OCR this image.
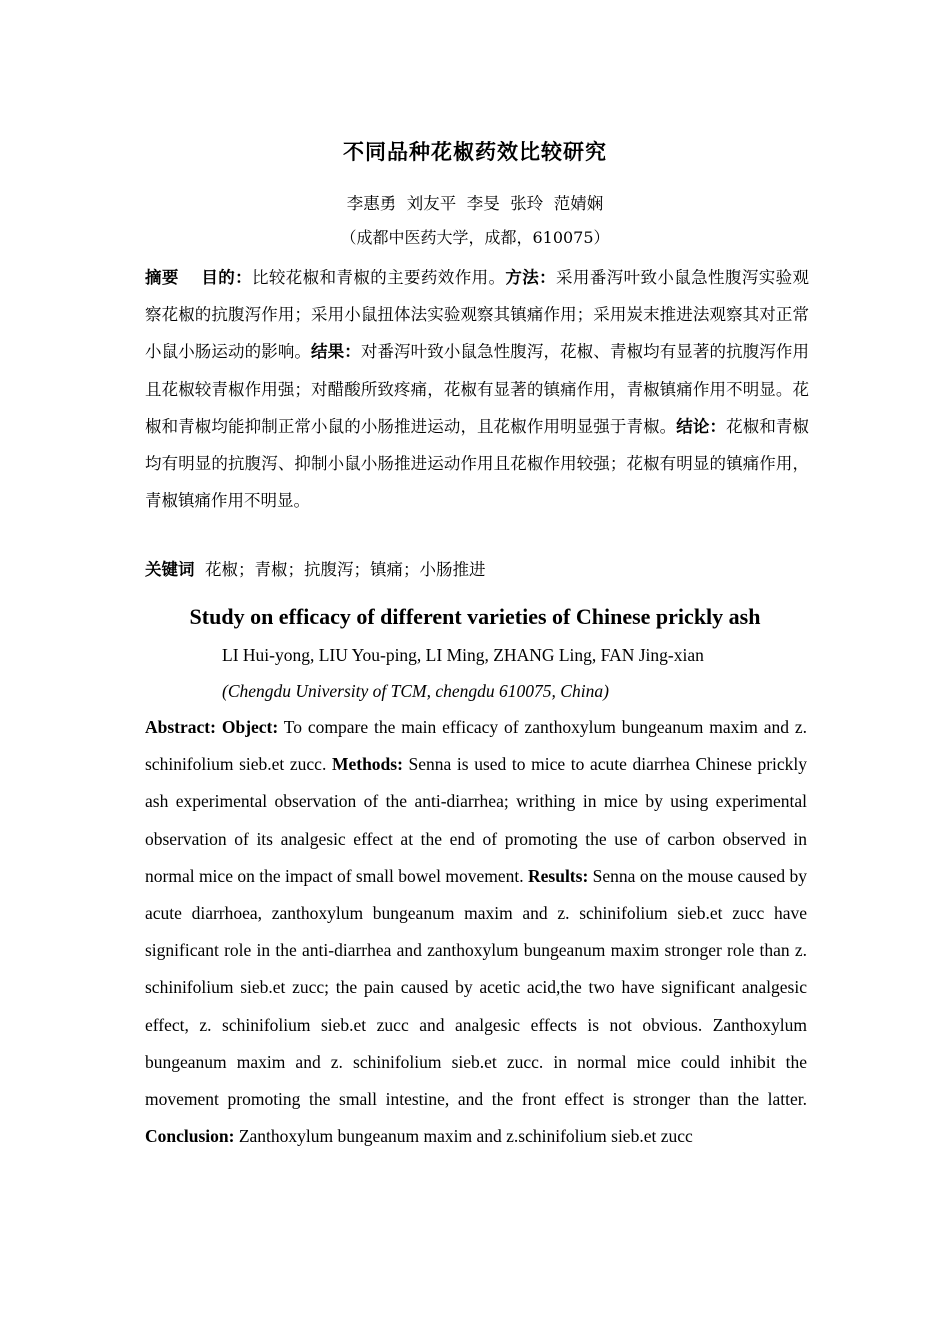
不同品种花椒药效比较研究
李惠勇  刘友平  李旻  张玲  范婧娴
（成都中医药大学，成都，610075）
摘要 目的：比较花椒和青椒的主要药效作用。方法：采用番泻叶致小鼠急性腹泻实验观察花椒的抗腹泻作用；采用小鼠扭体法实验观察其镇痛作用；采用炭末推进法观察其对正常小鼠小肠运动的影响。结果：对番泻叶致小鼠急性腹泻，花椒、青椒均有显著的抗腹泻作用且花椒较青椒作用强；对醋酸所致疼痛，花椒有显著的镇痛作用，青椒镇痛作用不明显。花椒和青椒均能抑制正常小鼠的小肠推进运动，且花椒作用明显强于青椒。结论：花椒和青椒均有明显的抗腹泻、抑制小鼠小肠推进运动作用且花椒作用较强；花椒有明显的镇痛作用，青椒镇痛作用不明显。
关键词 花椒；青椒；抗腹泻；镇痛；小肠推进
Study on efficacy of different varieties of Chinese prickly ash
LI Hui-yong, LIU You-ping, LI Ming, ZHANG Ling, FAN Jing-xian
(Chengdu University of TCM, chengdu 610075, China)
Abstract: Object: To compare the main efficacy of zanthoxylum bungeanum maxim and z. schinifolium sieb.et zucc. Methods: Senna is used to mice to acute diarrhea Chinese prickly ash experimental observation of the anti-diarrhea; writhing in mice by using experimental observation of its analgesic effect at the end of promoting the use of carbon observed in normal mice on the impact of small bowel movement. Results: Senna on the mouse caused by acute diarrhoea, zanthoxylum bungeanum maxim and z. schinifolium sieb.et zucc have significant role in the anti-diarrhea and zanthoxylum bungeanum maxim stronger role than z. schinifolium sieb.et zucc; the pain caused by acetic acid,the two have significant analgesic effect, z. schinifolium sieb.et zucc and analgesic effects is not obvious. Zanthoxylum bungeanum maxim and z. schinifolium sieb.et zucc. in normal mice could inhibit the movement promoting the small intestine, and the front effect is stronger than the latter. Conclusion: Zanthoxylum bungeanum maxim and z.schinifolium sieb.et zucc
